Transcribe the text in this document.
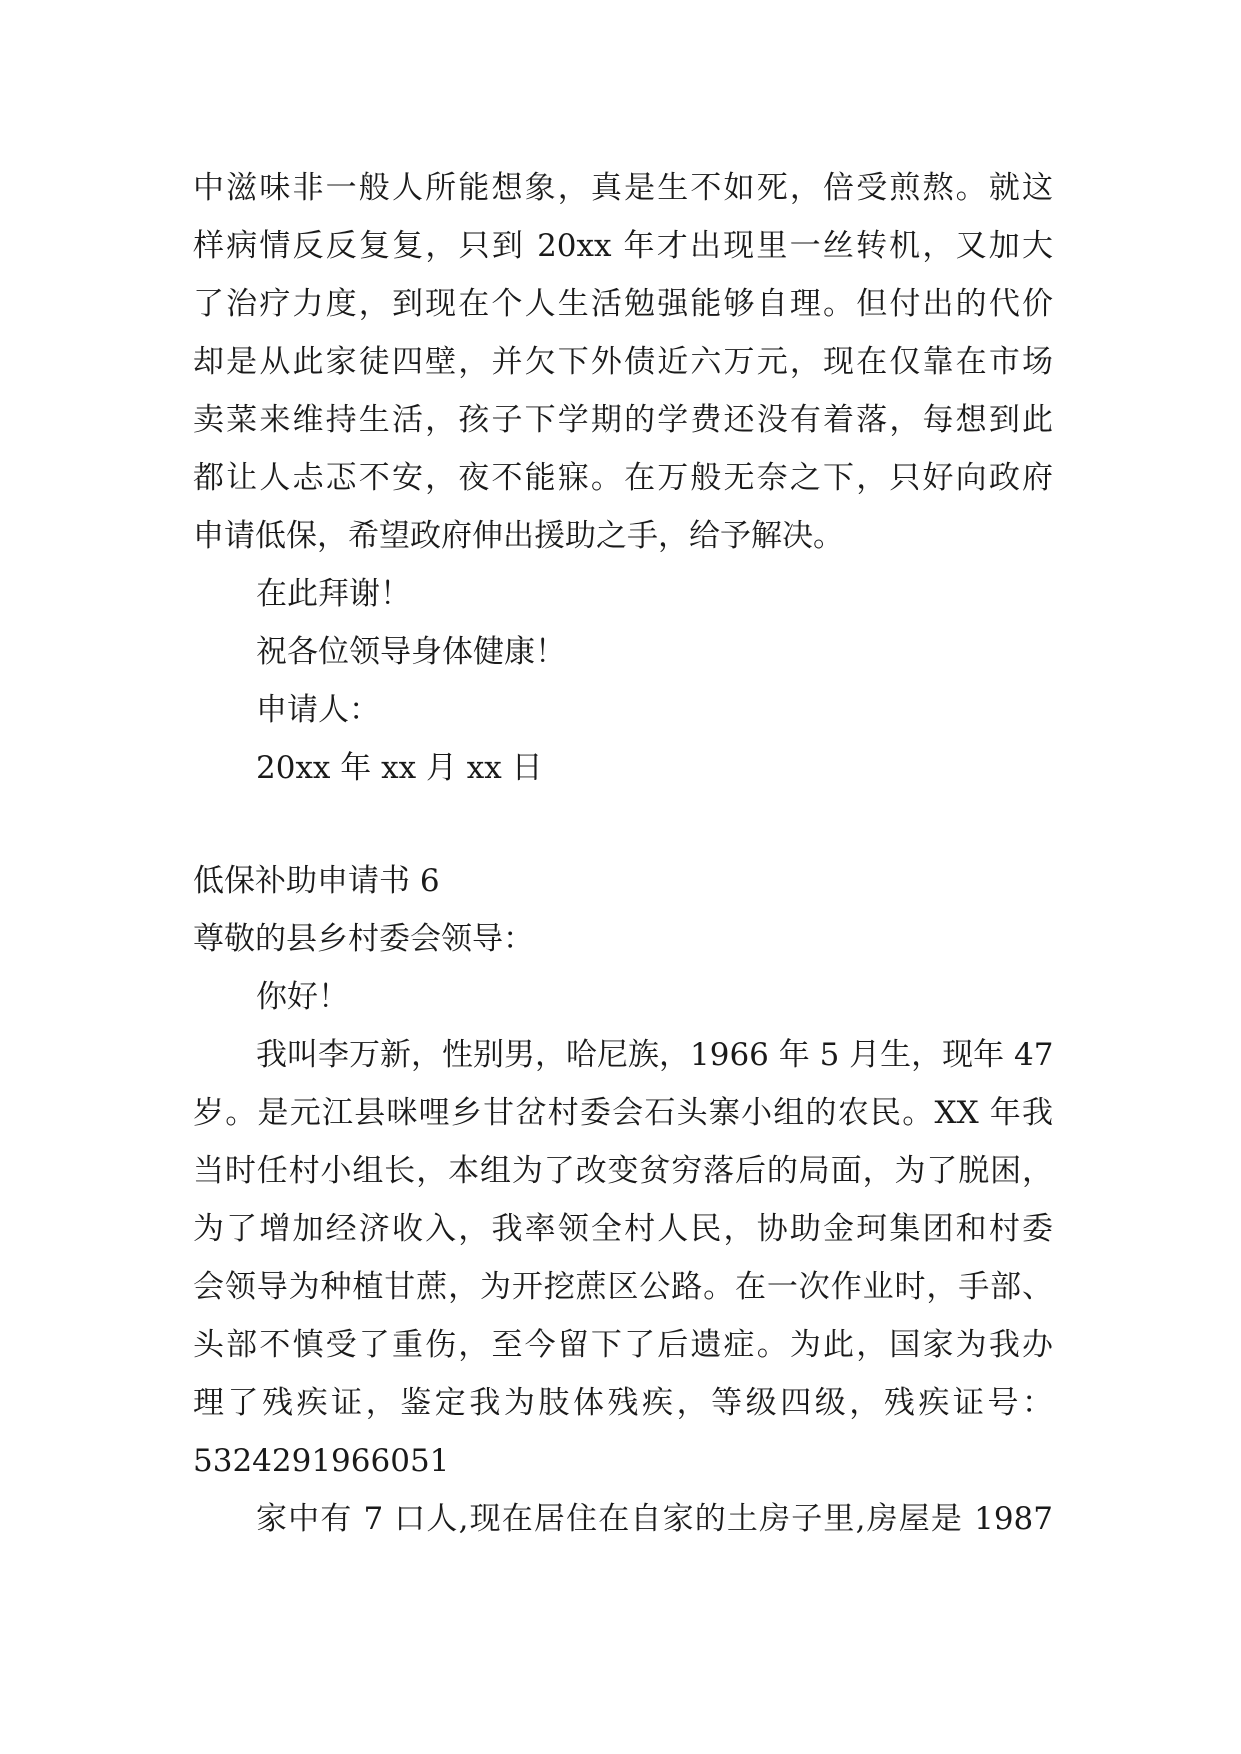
中滋味非一般人所能想象，真是生不如死，倍受煎熬。就这
样病情反反复复，只到 20xx 年才出现里一丝转机，又加大
了治疗力度，到现在个人生活勉强能够自理。但付出的代价
却是从此家徒四壁，并欠下外债近六万元，现在仅靠在市场
卖菜来维持生活，孩子下学期的学费还没有着落，每想到此
都让人忐忑不安，夜不能寐。在万般无奈之下，只好向政府
申请低保，希望政府伸出援助之手，给予解决。
在此拜谢！
祝各位领导身体健康！
申请人：
20xx 年 xx 月 xx 日
低保补助申请书 6
尊敬的县乡村委会领导：
你好！
我叫李万新，性别男，哈尼族，1966 年 5 月生，现年 47
岁。是元江县咪哩乡甘岔村委会石头寨小组的农民。XX 年我
当时任村小组长，本组为了改变贫穷落后的局面，为了脱困，
为了增加经济收入，我率领全村人民，协助金珂集团和村委
会领导为种植甘蔗，为开挖蔗区公路。在一次作业时，手部、
头部不慎受了重伤，至今留下了后遗症。为此，国家为我办
理了残疾证，鉴定我为肢体残疾，等级四级，残疾证号：
5324291966051
家中有 7 口人,现在居住在自家的土房子里,房屋是 1987
